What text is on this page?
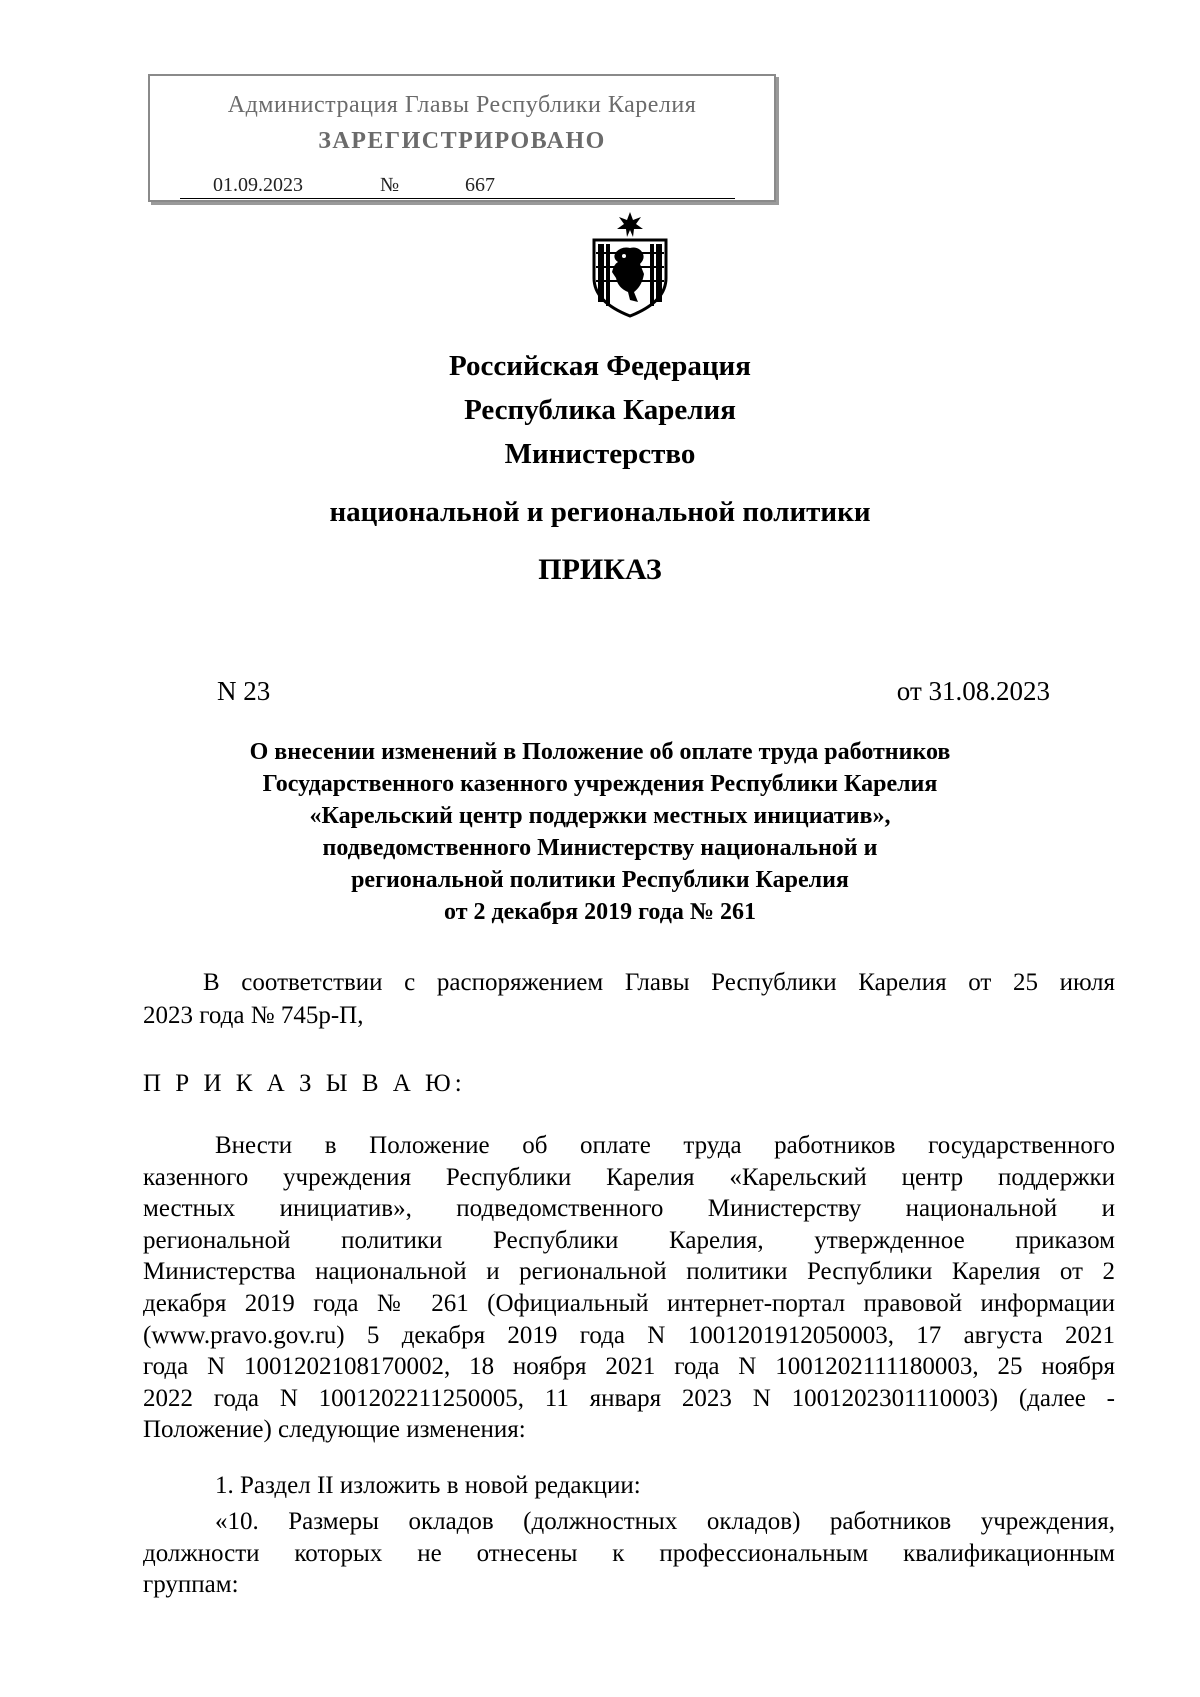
Администрация Главы Республики Карелия
ЗАРЕГИСТРИРОВАНО
01.09.2023	№	667
Российская Федерация
Республика Карелия
Министерство
национальной и региональной политики
ПРИКАЗ
N 23	от 31.08.2023
О внесении изменений в Положение об оплате труда работников
Государственного казенного учреждения Республики Карелия
«Карельский центр поддержки местных инициатив»,
подведомственного Министерству национальной и
региональной политики Республики Карелия
от 2 декабря 2019 года № 261
В соответствии с распоряжением Главы Республики Карелия от 25 июля
2023 года № 745р-П,
П Р И К А З Ы В А Ю:
Внести в Положение об оплате труда работников государственного
казенного учреждения Республики Карелия «Карельский центр поддержки
местных инициатив», подведомственного Министерству национальной и
региональной политики Республики Карелия, утвержденное приказом
Министерства национальной и региональной политики Республики Карелия от 2
декабря 2019 года № 261 (Официальный интернет-портал правовой информации
(www.pravo.gov.ru) 5 декабря 2019 года N 1001201912050003, 17 августа 2021
года N 1001202108170002, 18 ноября 2021 года N 1001202111180003, 25 ноября
2022 года N 1001202211250005, 11 января 2023 N 1001202301110003) (далее -
Положение) следующие изменения:
1. Раздел II изложить в новой редакции:
«10. Размеры окладов (должностных окладов) работников учреждения,
должности которых не отнесены к профессиональным квалификационным
группам:
